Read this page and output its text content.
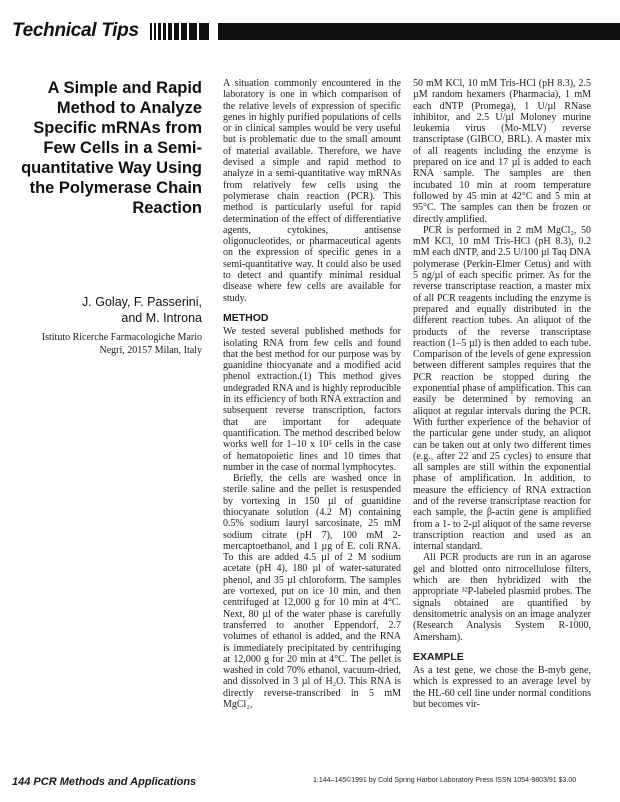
Technical Tips
A Simple and Rapid Method to Analyze Specific mRNAs from Few Cells in a Semi-quantitative Way Using the Polymerase Chain Reaction
J. Golay, F. Passerini,
and M. Introna
Istituto Ricerche Farmacologiche Mario
Negri, 20157 Milan, Italy

A situation commonly encountered in the laboratory is one in which comparison of the relative levels of expression of specific genes in highly purified populations of cells or in clinical samples would be very useful but is problematic due to the small amount of material available. Therefore, we have devised a simple and rapid method to analyze in a semi-quantitative way mRNAs from relatively few cells using the polymerase chain reaction (PCR). This method is particularly useful for rapid determination of the effect of differentiative agents, cytokines, antisense oligonucleotides, or pharmaceutical agents on the expression of specific genes in a semi-quantitative way. It could also be used to detect and quantify minimal residual disease where few cells are available for study.

METHOD

We tested several published methods for isolating RNA from few cells and found that the best method for our purpose was by guanidine thiocyanate and a modified acid phenol extraction.(1) This method gives undegraded RNA and is highly reproducible in its efficiency of both RNA extraction and subsequent reverse transcription, factors that are important for adequate quantification. The method described below works well for 1–10 x 10⁵ cells in the case of hematopoietic lines and 10 times that number in the case of normal lymphocytes.

Briefly, the cells are washed once in sterile saline and the pellet is resuspended by vortexing in 150 µl of guanidine thiocyanate solution (4.2 M) containing 0.5% sodium lauryl sarcosinate, 25 mM sodium citrate (pH 7), 100 mM 2-mercaptoethanol, and 1 µg of E. coli RNA. To this are added 4.5 µl of 2 M sodium acetate (pH 4), 180 µl of water-saturated phenol, and 35 µl chloroform. The samples are vortexed, put on ice 10 min, and then centrifuged at 12,000 g for 10 min at 4°C. Next, 80 µl of the water phase is carefully transferred to another Eppendorf, 2.7 volumes of ethanol is added, and the RNA is immediately precipitated by centrifuging at 12,000 g for 20 min at 4°C. The pellet is washed in cold 70% ethanol, vacuum-dried, and dissolved in 3 µl of H₂O. This RNA is directly reverse-transcribed in 5 mM MgCl₂,

50 mM KCl, 10 mM Tris-HCl (pH 8.3), 2.5 µM random hexamers (Pharmacia), 1 mM each dNTP (Promega), 1 U/µl RNase inhibitor, and 2.5 U/µl Moloney murine leukemia virus (Mo-MLV) reverse transcriptase (GIBCO, BRL). A master mix of all reagents including the enzyme is prepared on ice and 17 µl is added to each RNA sample. The samples are then incubated 10 min at room temperature followed by 45 min at 42°C and 5 min at 95°C. The samples can then be frozen or directly amplified.

PCR is performed in 2 mM MgCl₂, 50 mM KCl, 10 mM Tris-HCl (pH 8.3), 0.2 mM each dNTP, and 2.5 U/100 µl Taq DNA polymerase (Perkin-Elmer Cetus) and with 5 ng/µl of each specific primer. As for the reverse transcriptase reaction, a master mix of all PCR reagents including the enzyme is prepared and equally distributed in the different reaction tubes. An aliquot of the products of the reverse transcriptase reaction (1–5 µl) is then added to each tube. Comparison of the levels of gene expression between different samples requires that the PCR reaction be stopped during the exponential phase of amplification. This can easily be determined by removing an aliquot at regular intervals during the PCR. With further experience of the behavior of the particular gene under study, an aliquot can be taken out at only two different times (e.g., after 22 and 25 cycles) to ensure that all samples are still within the exponential phase of amplification. In addition, to measure the efficiency of RNA extraction and of the reverse transcriptase reaction for each sample, the β-actin gene is amplified from a 1- to 2-µl aliquot of the same reverse transcription reaction and used as an internal standard.

All PCR products are run in an agarose gel and blotted onto nitrocellulose filters, which are then hybridized with the appropriate ³²P-labeled plasmid probes. The signals obtained are quantified by densitometric analysis on an image analyzer (Research Analysis System R-1000, Amersham).

EXAMPLE

As a test gene, we chose the B-myb gene, which is expressed to an average level by the HL-60 cell line under normal conditions but becomes vir-

144 PCR Methods and Applications	1:144–145©1991 by Cold Spring Harbor Laboratory Press ISSN 1054-9803/91 $3.00
